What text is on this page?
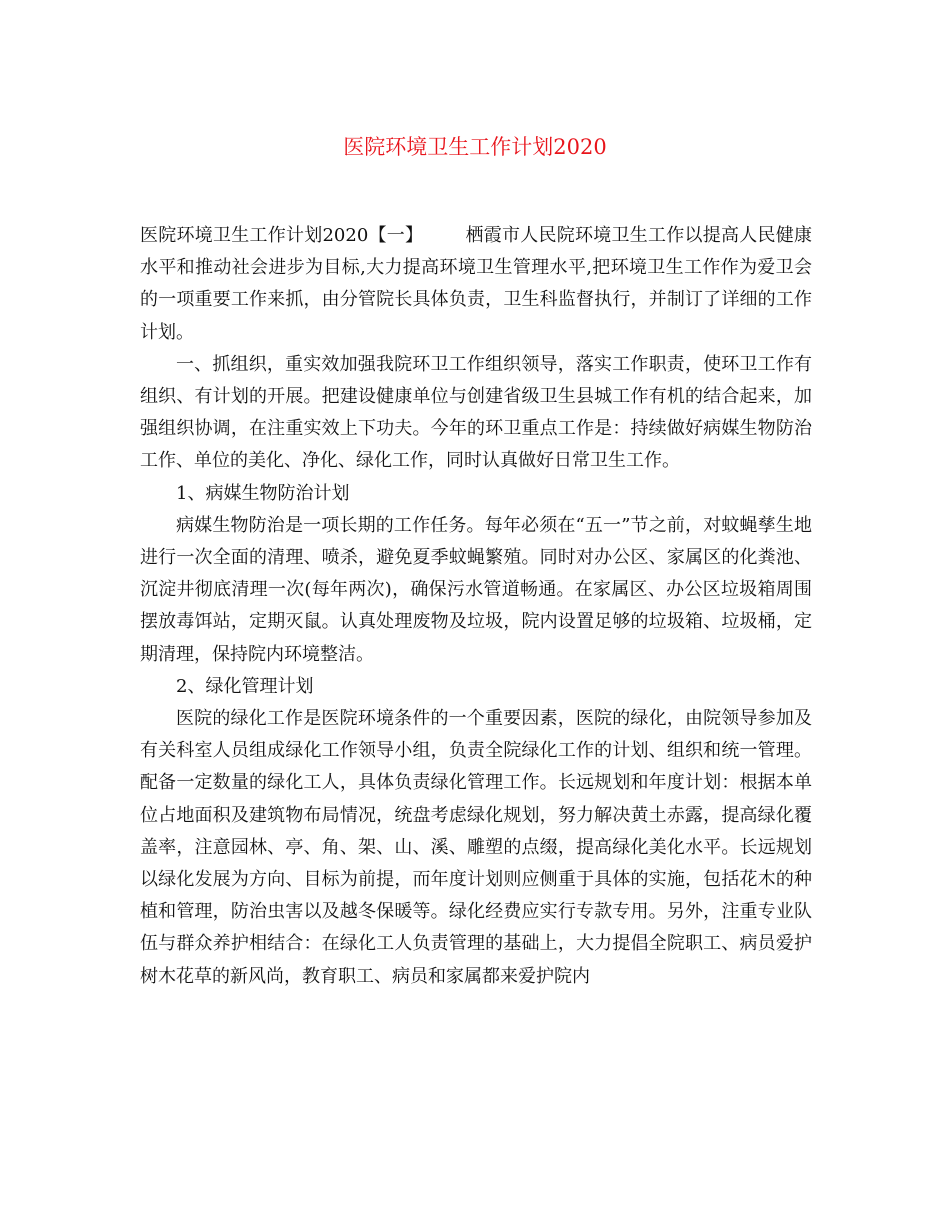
医院环境卫生工作计划2020

医院环境卫生工作计划2020【一】 栖霞市人民院环境卫生工作以提高人民健康水平和推动社会进步为目标,大力提高环境卫生管理水平,把环境卫生工作作为爱卫会的一项重要工作来抓，由分管院长具体负责，卫生科监督执行，并制订了详细的工作计划。

一、抓组织，重实效加强我院环卫工作组织领导，落实工作职责，使环卫工作有组织、有计划的开展。把建设健康单位与创建省级卫生县城工作有机的结合起来，加强组织协调，在注重实效上下功夫。今年的环卫重点工作是：持续做好病媒生物防治工作、单位的美化、净化、绿化工作，同时认真做好日常卫生工作。

1、病媒生物防治计划

病媒生物防治是一项长期的工作任务。每年必须在“五一”节之前，对蚊蝇孳生地进行一次全面的清理、喷杀，避免夏季蚊蝇繁殖。同时对办公区、家属区的化粪池、沉淀井彻底清理一次(每年两次)，确保污水管道畅通。在家属区、办公区垃圾箱周围摆放毒饵站，定期灭鼠。认真处理废物及垃圾，院内设置足够的垃圾箱、垃圾桶，定期清理，保持院内环境整洁。

2、绿化管理计划

医院的绿化工作是医院环境条件的一个重要因素，医院的绿化，由院领导参加及有关科室人员组成绿化工作领导小组，负责全院绿化工作的计划、组织和统一管理。配备一定数量的绿化工人，具体负责绿化管理工作。长远规划和年度计划：根据本单位占地面积及建筑物布局情况，统盘考虑绿化规划，努力解决黄土赤露，提高绿化覆盖率，注意园林、亭、角、架、山、溪、雕塑的点缀，提高绿化美化水平。长远规划以绿化发展为方向、目标为前提，而年度计划则应侧重于具体的实施，包括花木的种植和管理，防治虫害以及越冬保暖等。绿化经费应实行专款专用。另外，注重专业队伍与群众养护相结合：在绿化工人负责管理的基础上，大力提倡全院职工、病员爱护树木花草的新风尚，教育职工、病员和家属都来爱护院内
